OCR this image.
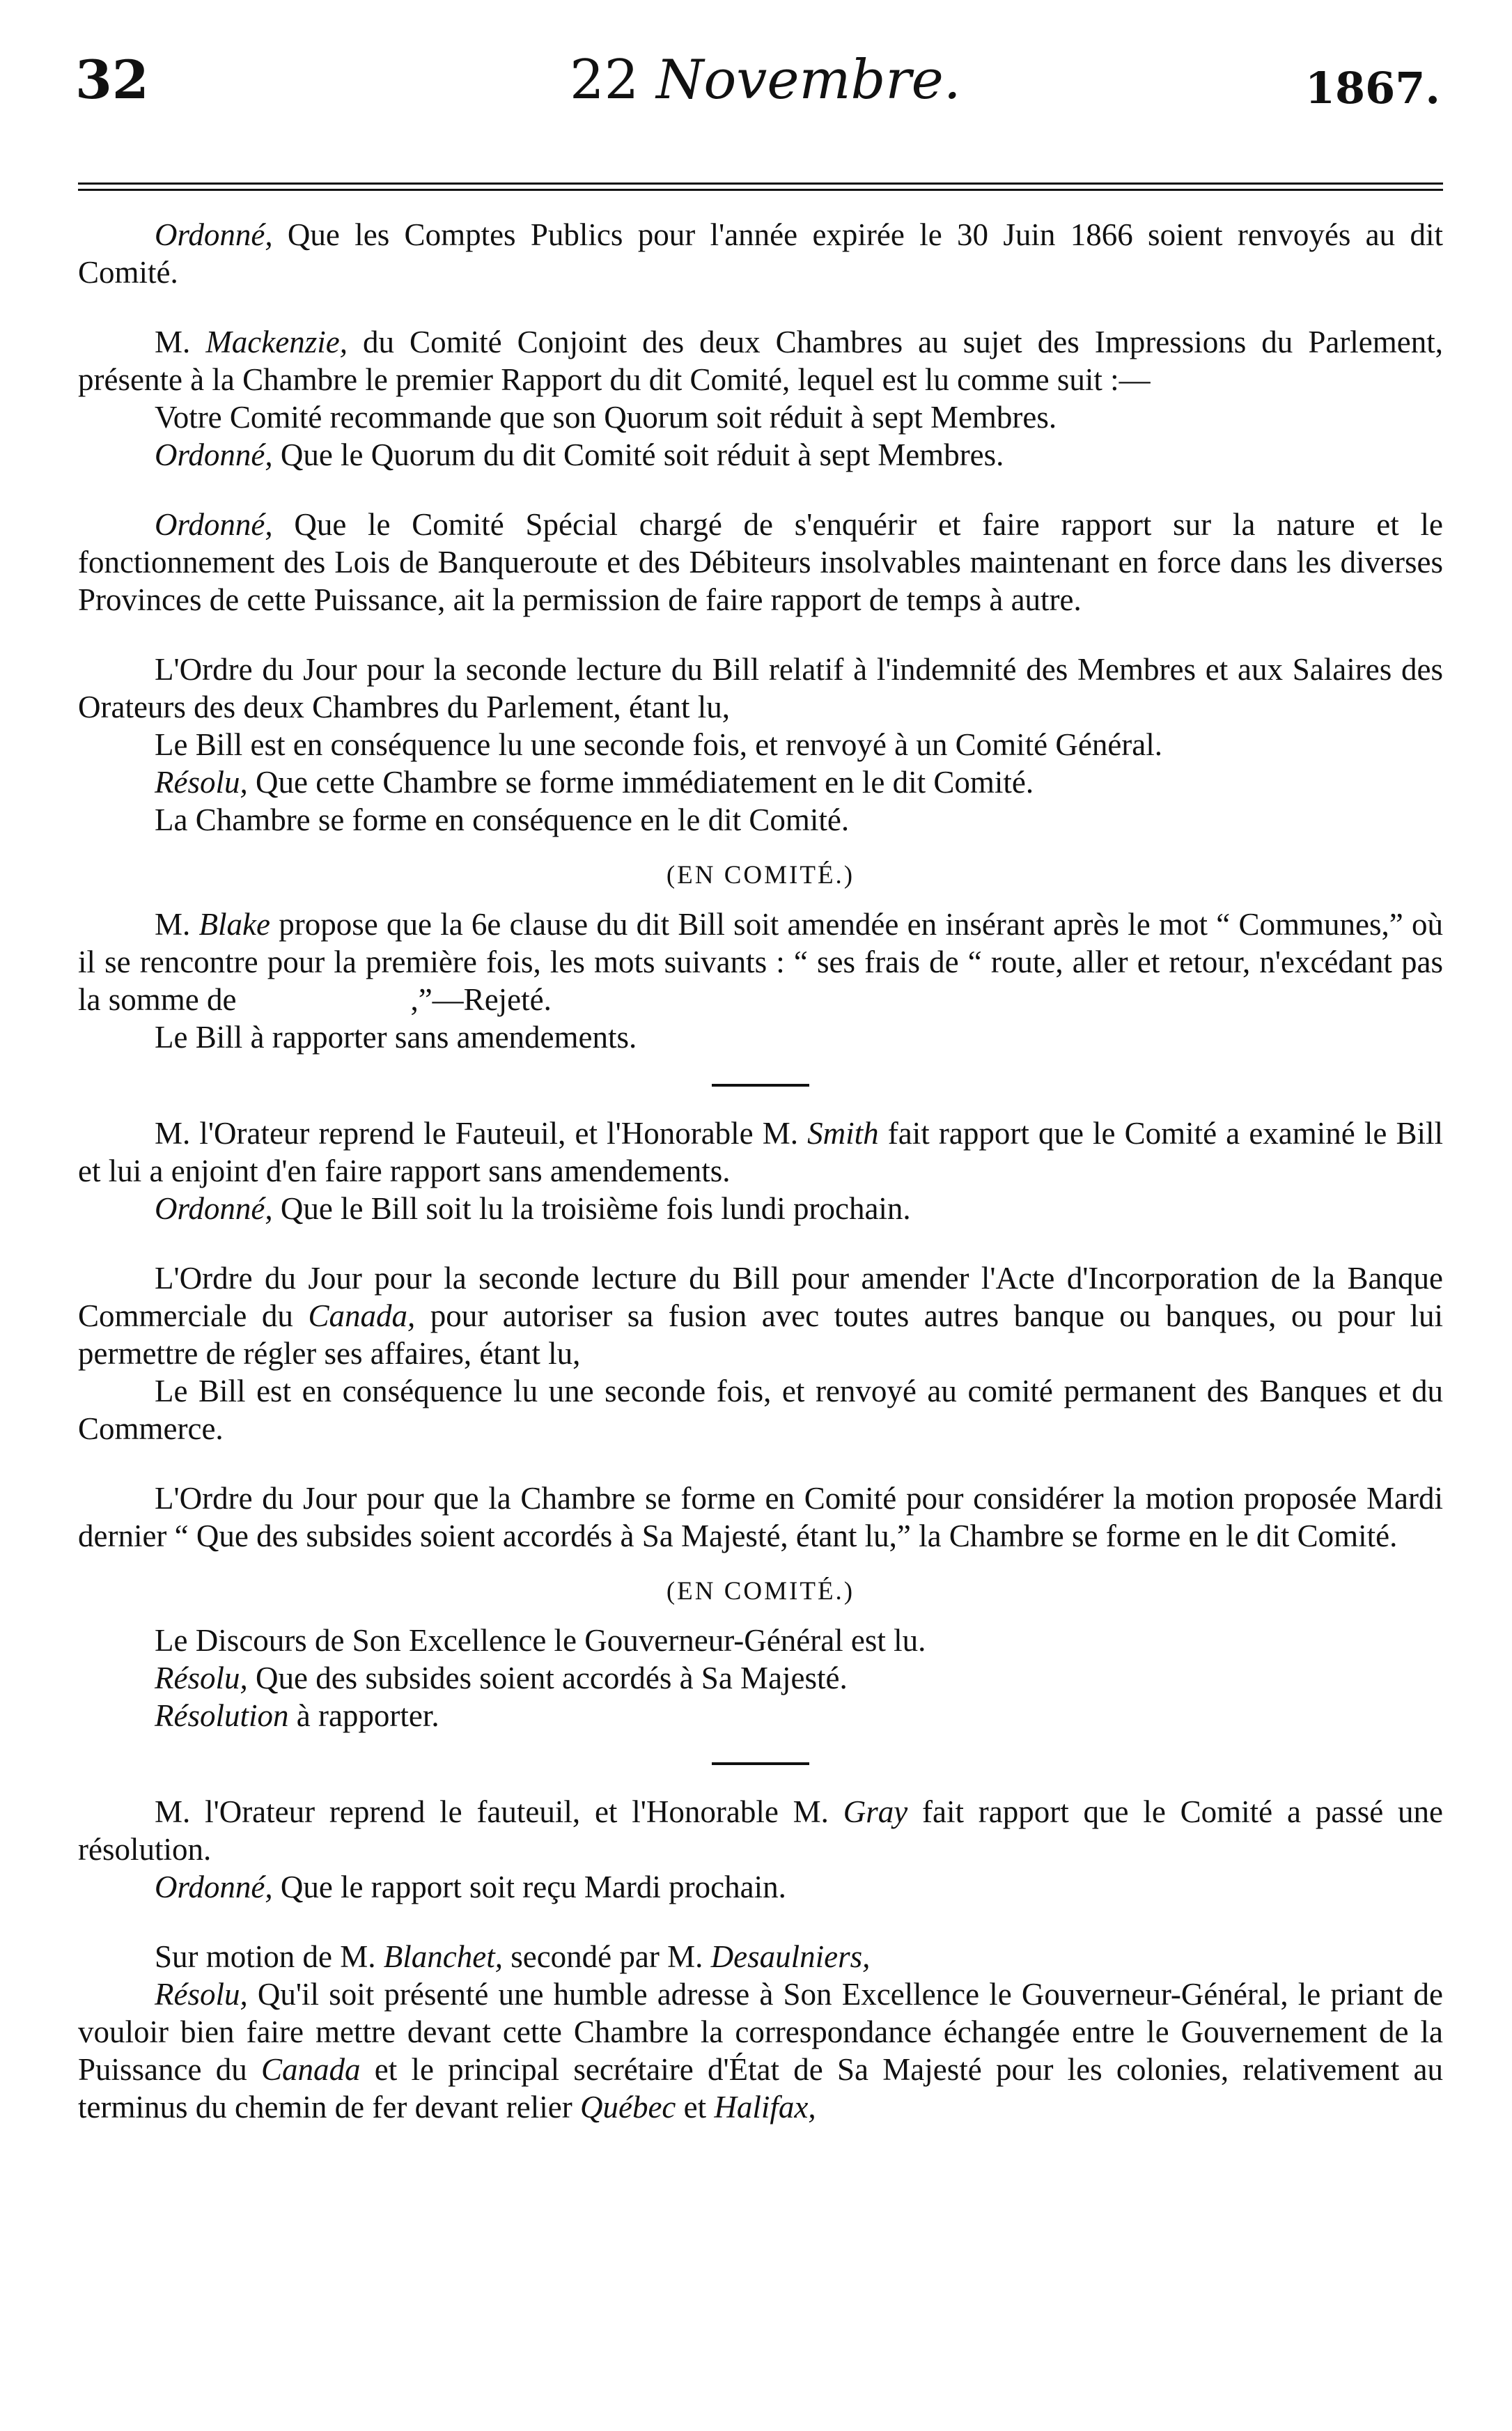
32	22 Novembre.	1867.

Ordonné, Que les Comptes Publics pour l'année expirée le 30 Juin 1866 soient renvoyés au dit Comité.

M. Mackenzie, du Comité Conjoint des deux Chambres au sujet des Impressions du Parlement, présente à la Chambre le premier Rapport du dit Comité, lequel est lu comme suit :—

Votre Comité recommande que son Quorum soit réduit à sept Membres.

Ordonné, Que le Quorum du dit Comité soit réduit à sept Membres.

Ordonné, Que le Comité Spécial chargé de s'enquérir et faire rapport sur la nature et le fonctionnement des Lois de Banqueroute et des Débiteurs insolvables maintenant en force dans les diverses Provinces de cette Puissance, ait la permission de faire rapport de temps à autre.

L'Ordre du Jour pour la seconde lecture du Bill relatif à l'indemnité des Membres et aux Salaires des Orateurs des deux Chambres du Parlement, étant lu,

Le Bill est en conséquence lu une seconde fois, et renvoyé à un Comité Général.

Résolu, Que cette Chambre se forme immédiatement en le dit Comité.

La Chambre se forme en conséquence en le dit Comité.

(EN COMITÉ.)

M. Blake propose que la 6e clause du dit Bill soit amendée en insérant après le mot “ Communes,” où il se rencontre pour la première fois, les mots suivants : “ ses frais de “ route, aller et retour, n'excédant pas la somme de	,”—Rejeté.

Le Bill à rapporter sans amendements.

M. l'Orateur reprend le Fauteuil, et l'Honorable M. Smith fait rapport que le Comité a examiné le Bill et lui a enjoint d'en faire rapport sans amendements.

Ordonné, Que le Bill soit lu la troisième fois lundi prochain.

L'Ordre du Jour pour la seconde lecture du Bill pour amender l'Acte d'Incorporation de la Banque Commerciale du Canada, pour autoriser sa fusion avec toutes autres banque ou banques, ou pour lui permettre de régler ses affaires, étant lu,

Le Bill est en conséquence lu une seconde fois, et renvoyé au comité permanent des Banques et du Commerce.

L'Ordre du Jour pour que la Chambre se forme en Comité pour considérer la motion proposée Mardi dernier “ Que des subsides soient accordés à Sa Majesté, étant lu,” la Chambre se forme en le dit Comité.

(EN COMITÉ.)

Le Discours de Son Excellence le Gouverneur-Général est lu.

Résolu, Que des subsides soient accordés à Sa Majesté.

Résolution à rapporter.

M. l'Orateur reprend le fauteuil, et l'Honorable M. Gray fait rapport que le Comité a passé une résolution.

Ordonné, Que le rapport soit reçu Mardi prochain.

Sur motion de M. Blanchet, secondé par M. Desaulniers,

Résolu, Qu'il soit présenté une humble adresse à Son Excellence le Gouverneur-Général, le priant de vouloir bien faire mettre devant cette Chambre la correspondance échangée entre le Gouvernement de la Puissance du Canada et le principal secrétaire d'État de Sa Majesté pour les colonies, relativement au terminus du chemin de fer devant relier Québec et Halifax,
